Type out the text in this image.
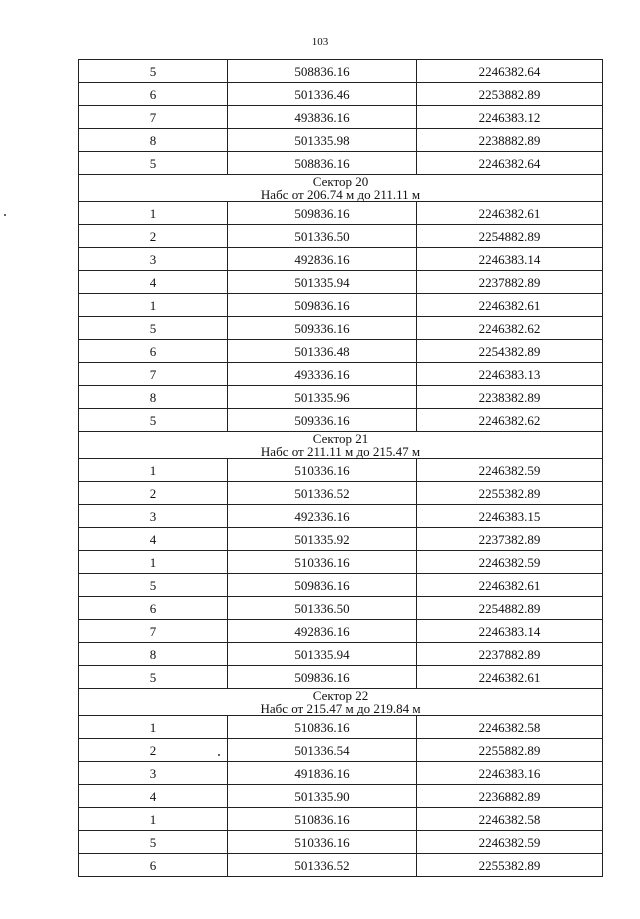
103
5	508836.16	2246382.64
6	501336.46	2253882.89
7	493836.16	2246383.12
8	501335.98	2238882.89
5	508836.16	2246382.64

Сектор 20
Набс от 206.74 м до 211.11 м		

1	509836.16	2246382.61
2	501336.50	2254882.89
3	492836.16	2246383.14
4	501335.94	2237882.89
1	509836.16	2246382.61
5	509336.16	2246382.62
6	501336.48	2254382.89
7	493336.16	2246383.13
8	501335.96	2238382.89
5	509336.16	2246382.62

Сектор 21
Набс от 211.11 м до 215.47 м		

1	510336.16	2246382.59
2	501336.52	2255382.89
3	492336.16	2246383.15
4	501335.92	2237382.89
1	510336.16	2246382.59
5	509836.16	2246382.61
6	501336.50	2254882.89
7	492836.16	2246383.14
8	501335.94	2237882.89
5	509836.16	2246382.61

Сектор 22
Набс от 215.47 м до 219.84 м		

1	510836.16	2246382.58
2	501336.54	2255882.89
3	491836.16	2246383.16
4	501335.90	2236882.89
1	510836.16	2246382.58
5	510336.16	2246382.59
6	501336.52	2255382.89
